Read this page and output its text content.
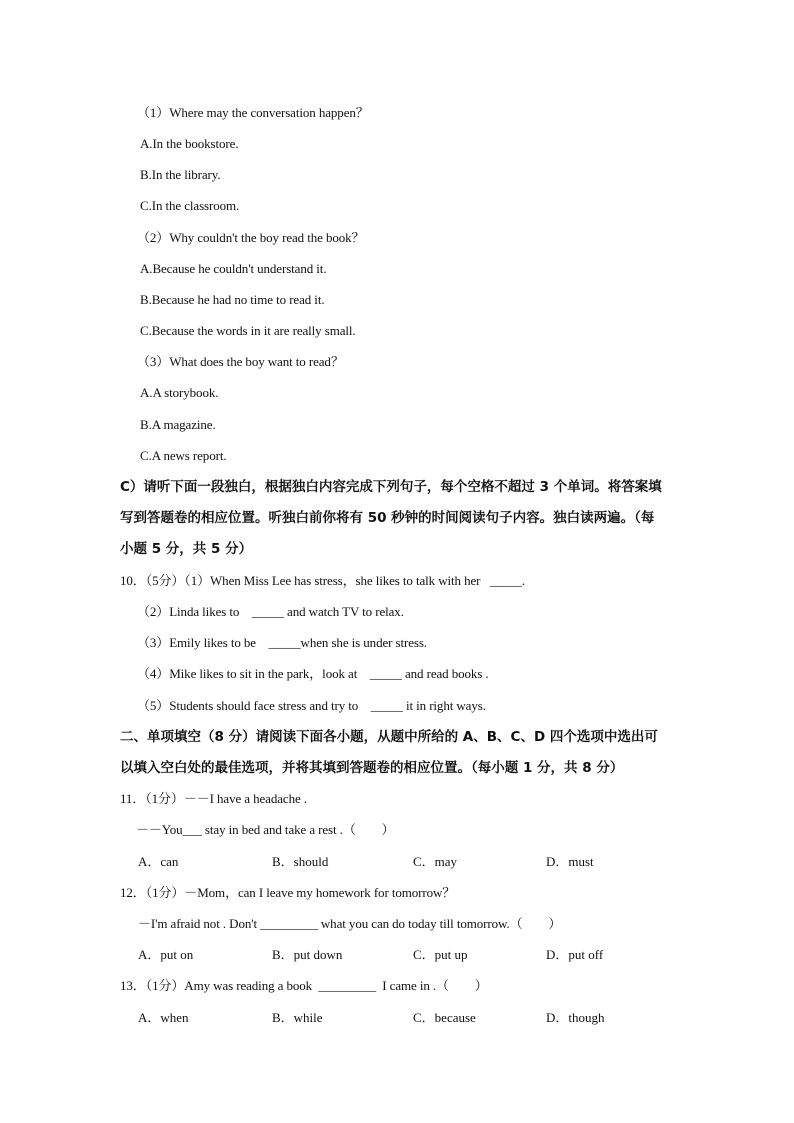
（1）Where may the conversation happen？
A.In the bookstore.
B.In the library.
C.In the classroom.
（2）Why couldn't the boy read the book？
A.Because he couldn't understand it.
B.Because he had no time to read it.
C.Because the words in it are really small.
（3）What does the boy want to read？
A.A storybook.
B.A magazine.
C.A news report.
C）请听下面一段独白，根据独白内容完成下列句子，每个空格不超过 3 个单词。将答案填
写到答题卷的相应位置。听独白前你将有 50 秒钟的时间阅读句子内容。独白读两遍。（每
小题 5 分，共 5 分）
10．（5分）（1）When Miss Lee has stress，she likes to talk with her   _____.
（2）Linda likes to    _____ and watch TV to relax.
（3）Emily likes to be    _____when she is under stress.
（4）Mike likes to sit in the park，look at    _____ and read books .
（5）Students should face stress and try to    _____ it in right ways.
二、单项填空（8 分）请阅读下面各小题，从题中所给的 A、B、C、D 四个选项中选出可
以填入空白处的最佳选项，并将其填到答题卷的相应位置。（每小题 1 分，共 8 分）
11．（1分）－－I have a headache .
－－You___ stay in bed and take a rest .（　　）
A．can	B．should	C．may	D．must
12．（1分）－Mom，can I leave my homework for tomorrow？
－I'm afraid not . Don't _________ what you can do today till tomorrow.（　　）
A．put on	B．put down	C．put up	D．put off
13．（1分）Amy was reading a book  _________  I came in .（　　）
A．when	B．while	C．because	D．though
